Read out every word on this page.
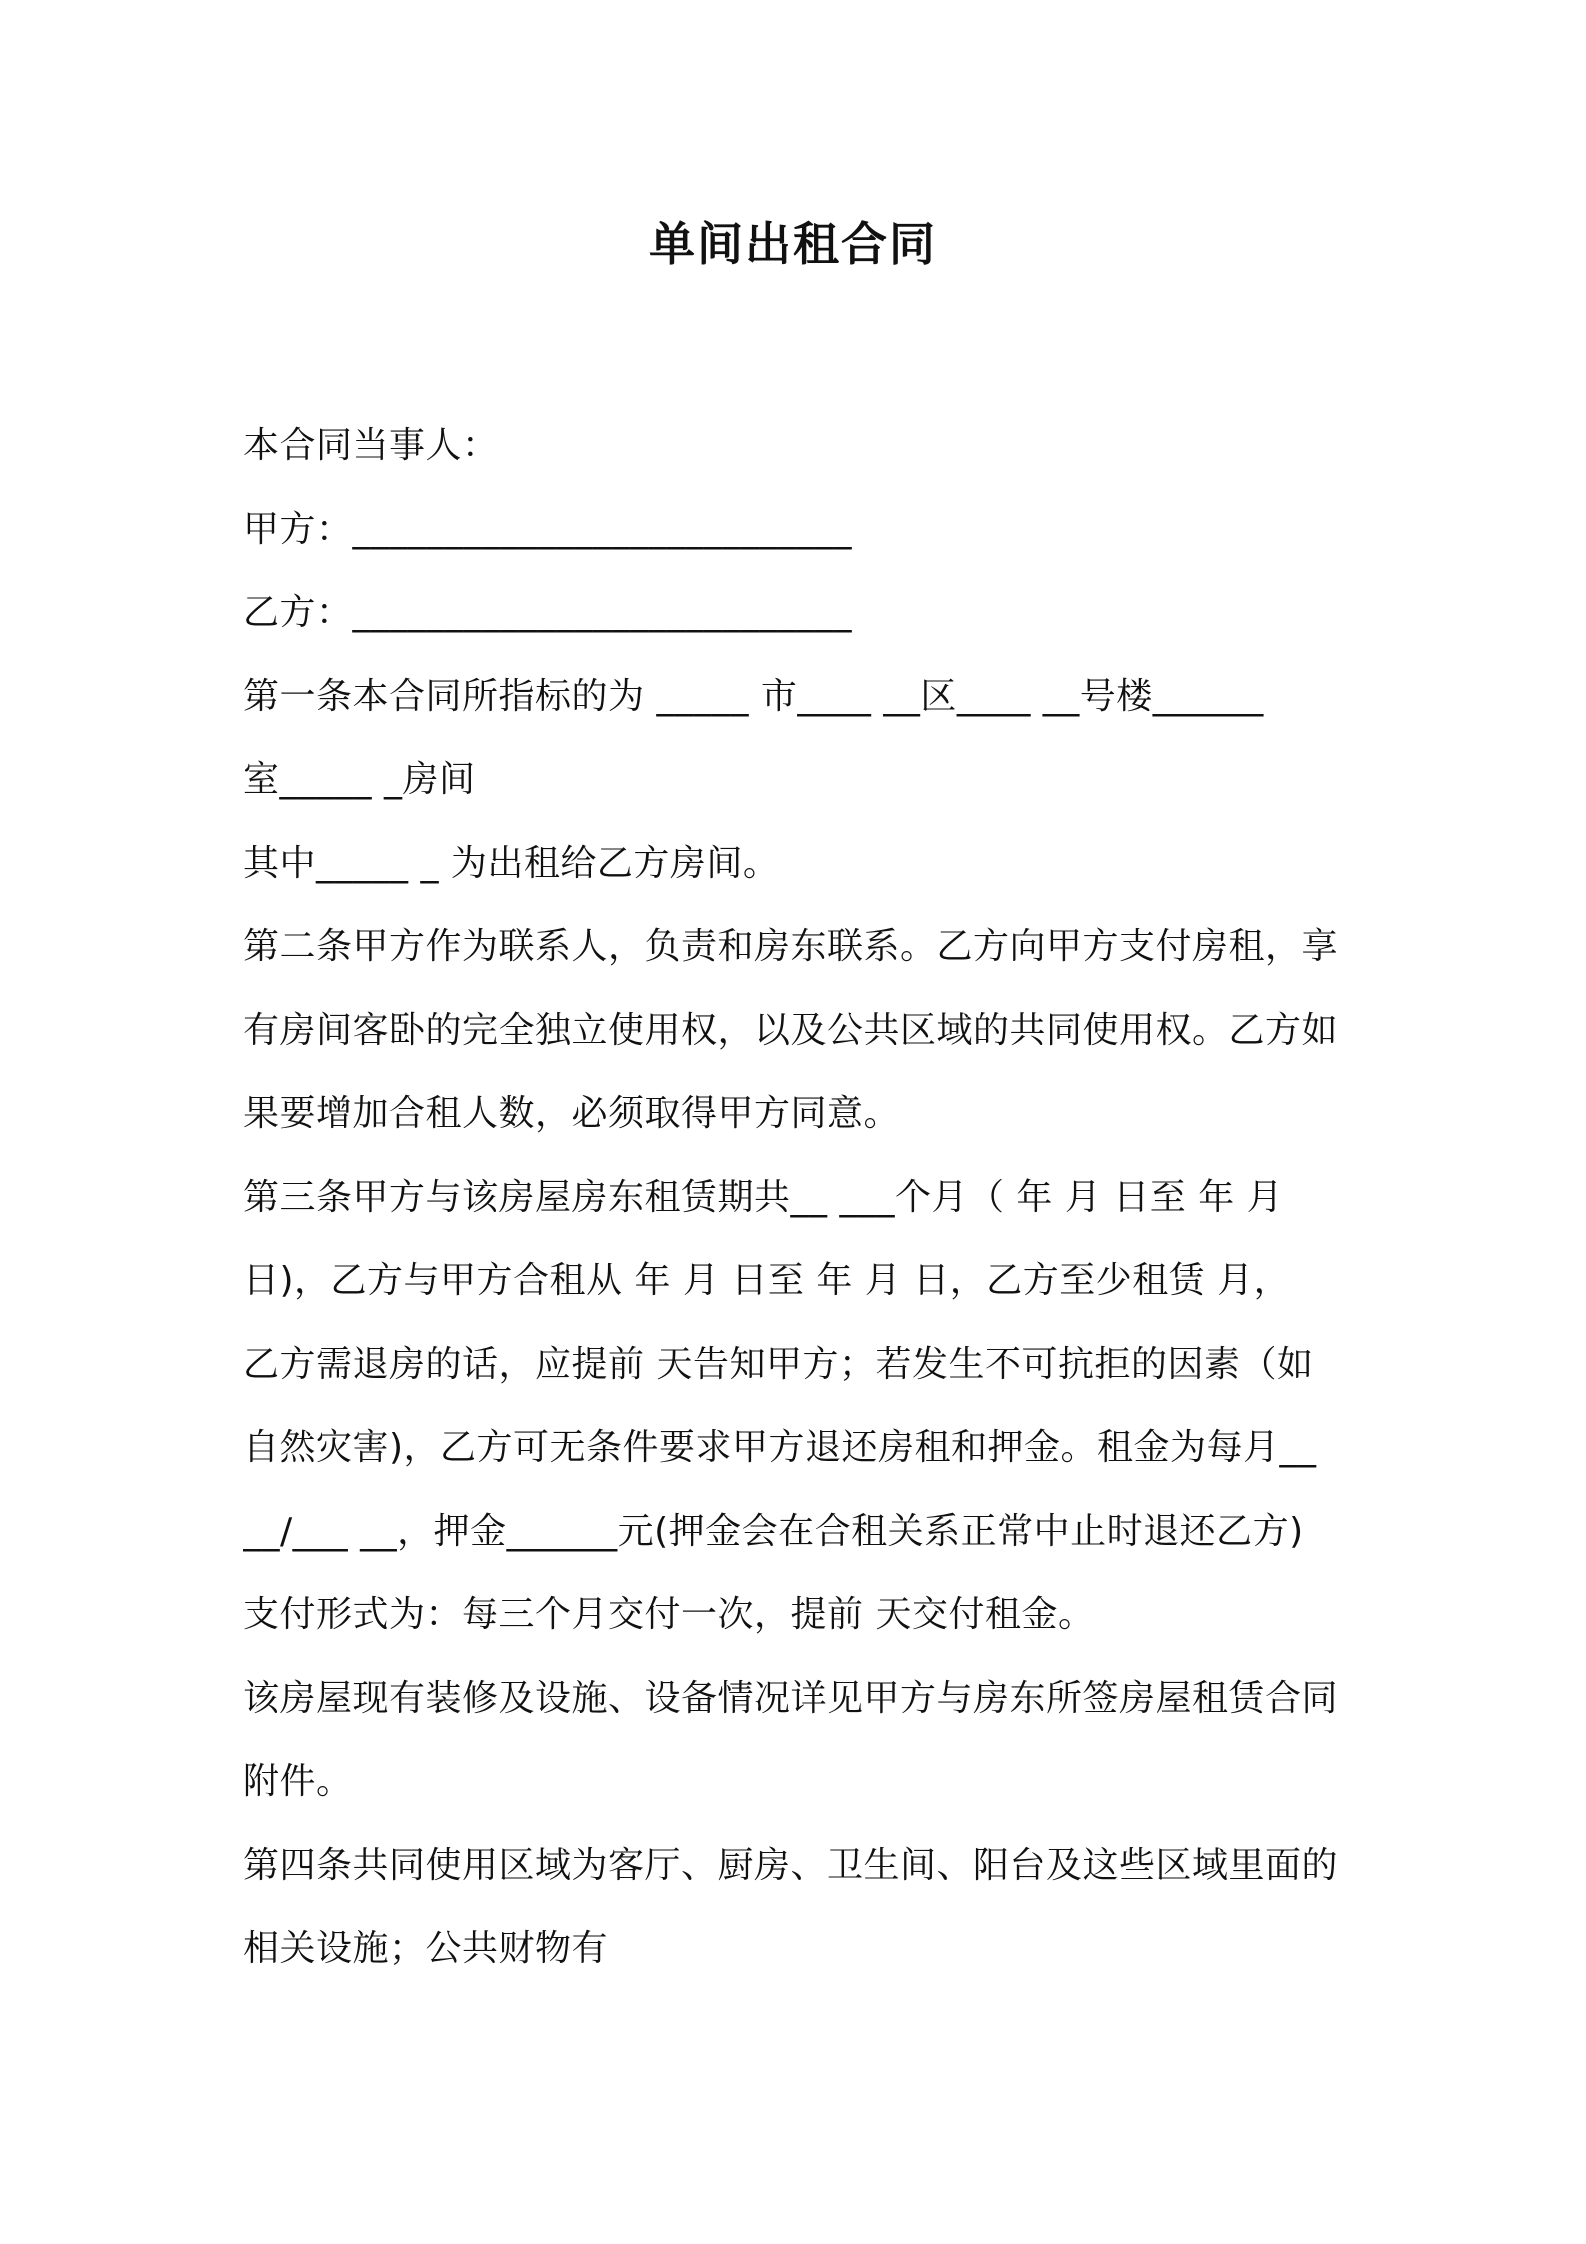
单间出租合同
本合同当事人：
甲方：___________________________
乙方：___________________________
第一条本合同所指标的为 _____ 市____ __区____ __号楼______
室_____ _房间
其中_____ _ 为出租给乙方房间。
第二条甲方作为联系人，负责和房东联系。乙方向甲方支付房租，享
有房间客卧的完全独立使用权，以及公共区域的共同使用权。乙方如
果要增加合租人数，必须取得甲方同意。
第三条甲方与该房屋房东租赁期共__ ___个月（ 年 月 日至 年 月
日)，乙方与甲方合租从 年 月 日至 年 月 日，乙方至少租赁 月，
乙方需退房的话，应提前 天告知甲方；若发生不可抗拒的因素（如
自然灾害)，乙方可无条件要求甲方退还房租和押金。租金为每月__
__/___ __，押金______元(押金会在合租关系正常中止时退还乙方)
支付形式为：每三个月交付一次，提前 天交付租金。
该房屋现有装修及设施、设备情况详见甲方与房东所签房屋租赁合同
附件。
第四条共同使用区域为客厅、厨房、卫生间、阳台及这些区域里面的
相关设施；公共财物有
